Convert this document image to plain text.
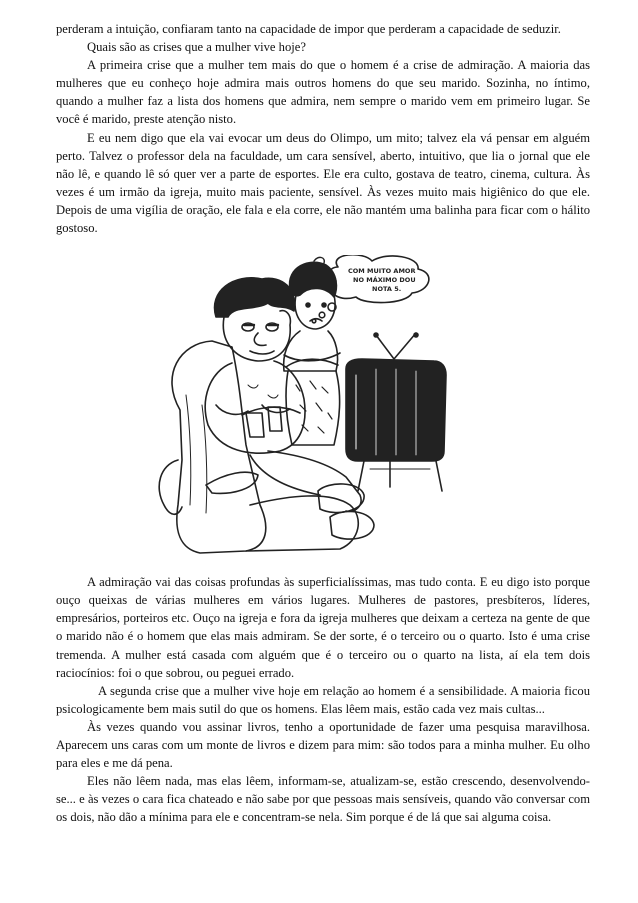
perderam a intuição, confiaram tanto na capacidade de impor que perderam a capacidade de seduzir.

Quais são as crises que a mulher vive hoje?

A primeira crise que a mulher tem mais do que o homem é a crise de admiração. A maioria das mulheres que eu conheço hoje admira mais outros homens do que seu marido. Sozinha, no íntimo, quando a mulher faz a lista dos homens que admira, nem sempre o marido vem em primeiro lugar. Se você é marido, preste atenção nisto.

E eu nem digo que ela vai evocar um deus do Olimpo, um mito; talvez ela vá pensar em alguém perto. Talvez o professor dela na faculdade, um cara sensível, aberto, intuitivo, que lia o jornal que ele não lê, e quando lê só quer ver a parte de esportes. Ele era culto, gostava de teatro, cinema, cultura. Às vezes é um irmão da igreja, muito mais paciente, sensível. Às vezes muito mais higiênico do que ele. Depois de uma vigília de oração, ele fala e ela corre, ele não mantém uma balinha para ficar com o hálito gostoso.

COM MUITO AMOR
NO MÁXIMO DOU
NOTA 5.

A admiração vai das coisas profundas às superficialíssimas, mas tudo conta. E eu digo isto porque ouço queixas de várias mulheres em vários lugares. Mulheres de pastores, presbíteros, líderes, empresários, porteiros etc. Ouço na igreja e fora da igreja mulheres que deixam a certeza na gente de que o marido não é o homem que elas mais admiram. Se der sorte, é o terceiro ou o quarto. Isto é uma crise tremenda. A mulher está casada com alguém que é o terceiro ou o quarto na lista, aí ela tem dois raciocínios: foi o que sobrou, ou peguei errado.

A segunda crise que a mulher vive hoje em relação ao homem é a sensibilidade. A maioria ficou psicologicamente bem mais sutil do que os homens. Elas lêem mais, estão cada vez mais cultas...

Às vezes quando vou assinar livros, tenho a oportunidade de fazer uma pesquisa maravilhosa. Aparecem uns caras com um monte de livros e dizem para mim: são todos para a minha mulher. Eu olho para eles e me dá pena.

Eles não lêem nada, mas elas lêem, informam-se, atualizam-se, estão crescendo, desenvolvendo-se... e às vezes o cara fica chateado e não sabe por que pessoas mais sensíveis, quando vão conversar com os dois, não dão a mínima para ele e concentram-se nela. Sim porque é de lá que sai alguma coisa.
